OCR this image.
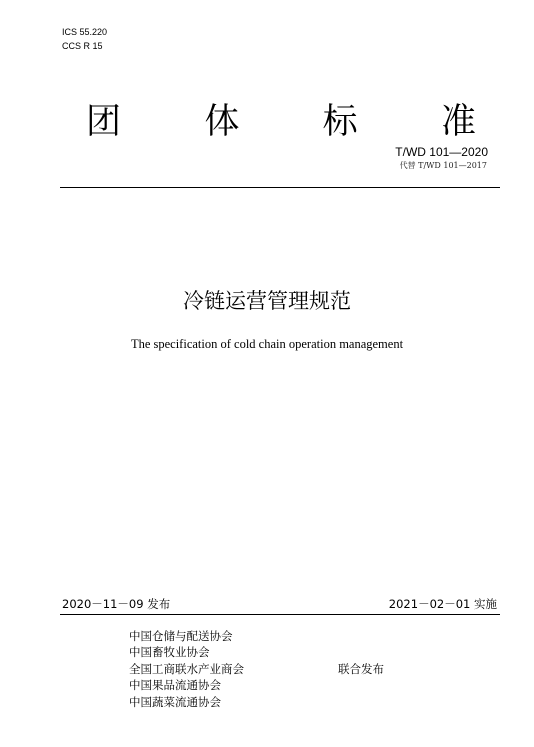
ICS 55.220
CCS R 15
团 体 标 准
T/WD 101—2020
代替 T/WD 101—2017
冷链运营管理规范
The specification of cold chain operation management
2020－11－09 发布	2021－02－01 实施
中国仓储与配送协会
中国畜牧业协会
全国工商联水产业商会
中国果品流通协会
中国蔬菜流通协会
联合发布
